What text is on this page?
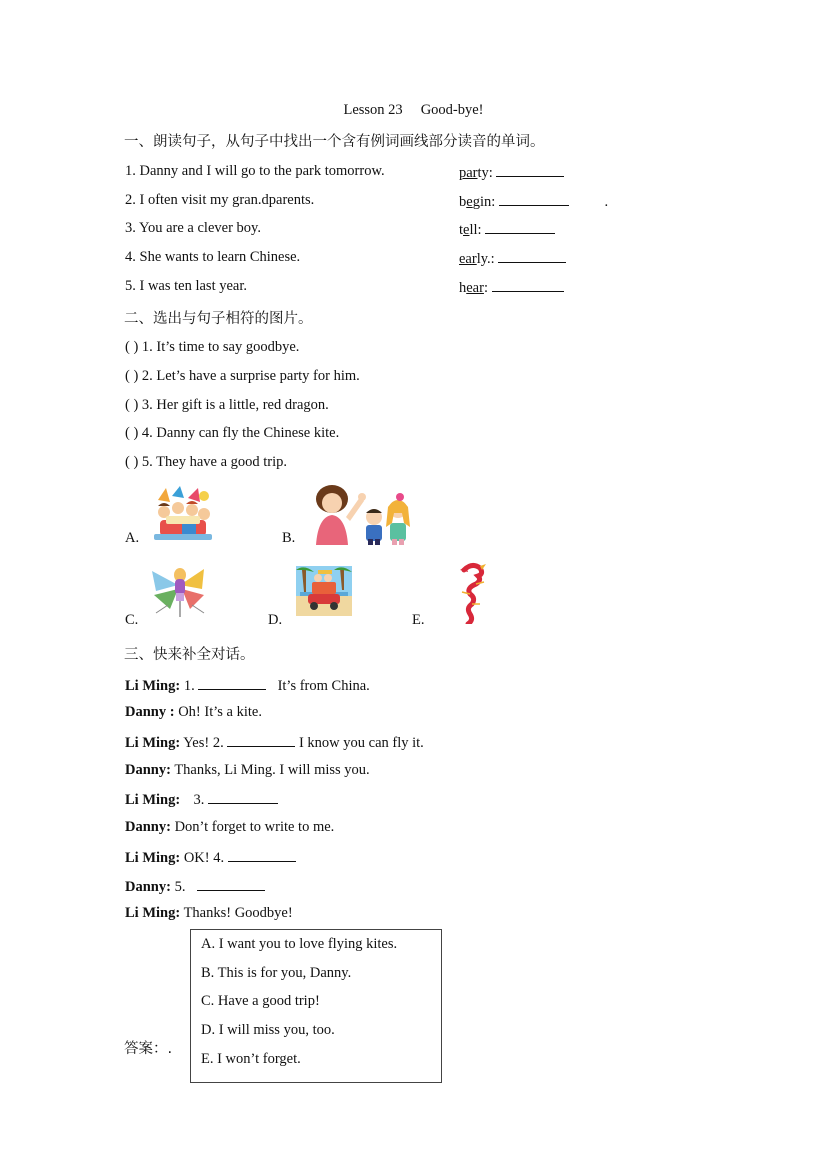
Lesson 23 Good-bye!
一、朗读句子，从句子中找出一个含有例词画线部分读音的单词。
1. Danny and I will go to the park tomorrow.	party:
2. I often visit my gran.dparents.	begin:	.
3. You are a clever boy.	tell:
4. She wants to learn Chinese.	early.:
5. I was ten last year.	hear:
二、选出与句子相符的图片。
( ) 1. It’s time to say goodbye.
( ) 2. Let’s have a surprise party for him.
( ) 3. Her gift is a little, red dragon.
( ) 4. Danny can fly the Chinese kite.
( ) 5. They have a good trip.
A.	B.
C.	D.	E.
三、快来补全对话。
Li Ming: 1.	It’s from China.
Danny : Oh! It’s a kite.
Li Ming: Yes! 2.	I know you can fly it.
Danny: Thanks, Li Ming. I will miss you.
Li Ming: 3.
Danny: Don’t forget to write to me.
Li Ming: OK! 4.
Danny: 5.
Li Ming: Thanks! Goodbye!
A. I want you to love flying kites.
B. This is for you, Danny.
C. Have a good trip!
D. I will miss you, too.
E. I won’t forget.
答案：.
